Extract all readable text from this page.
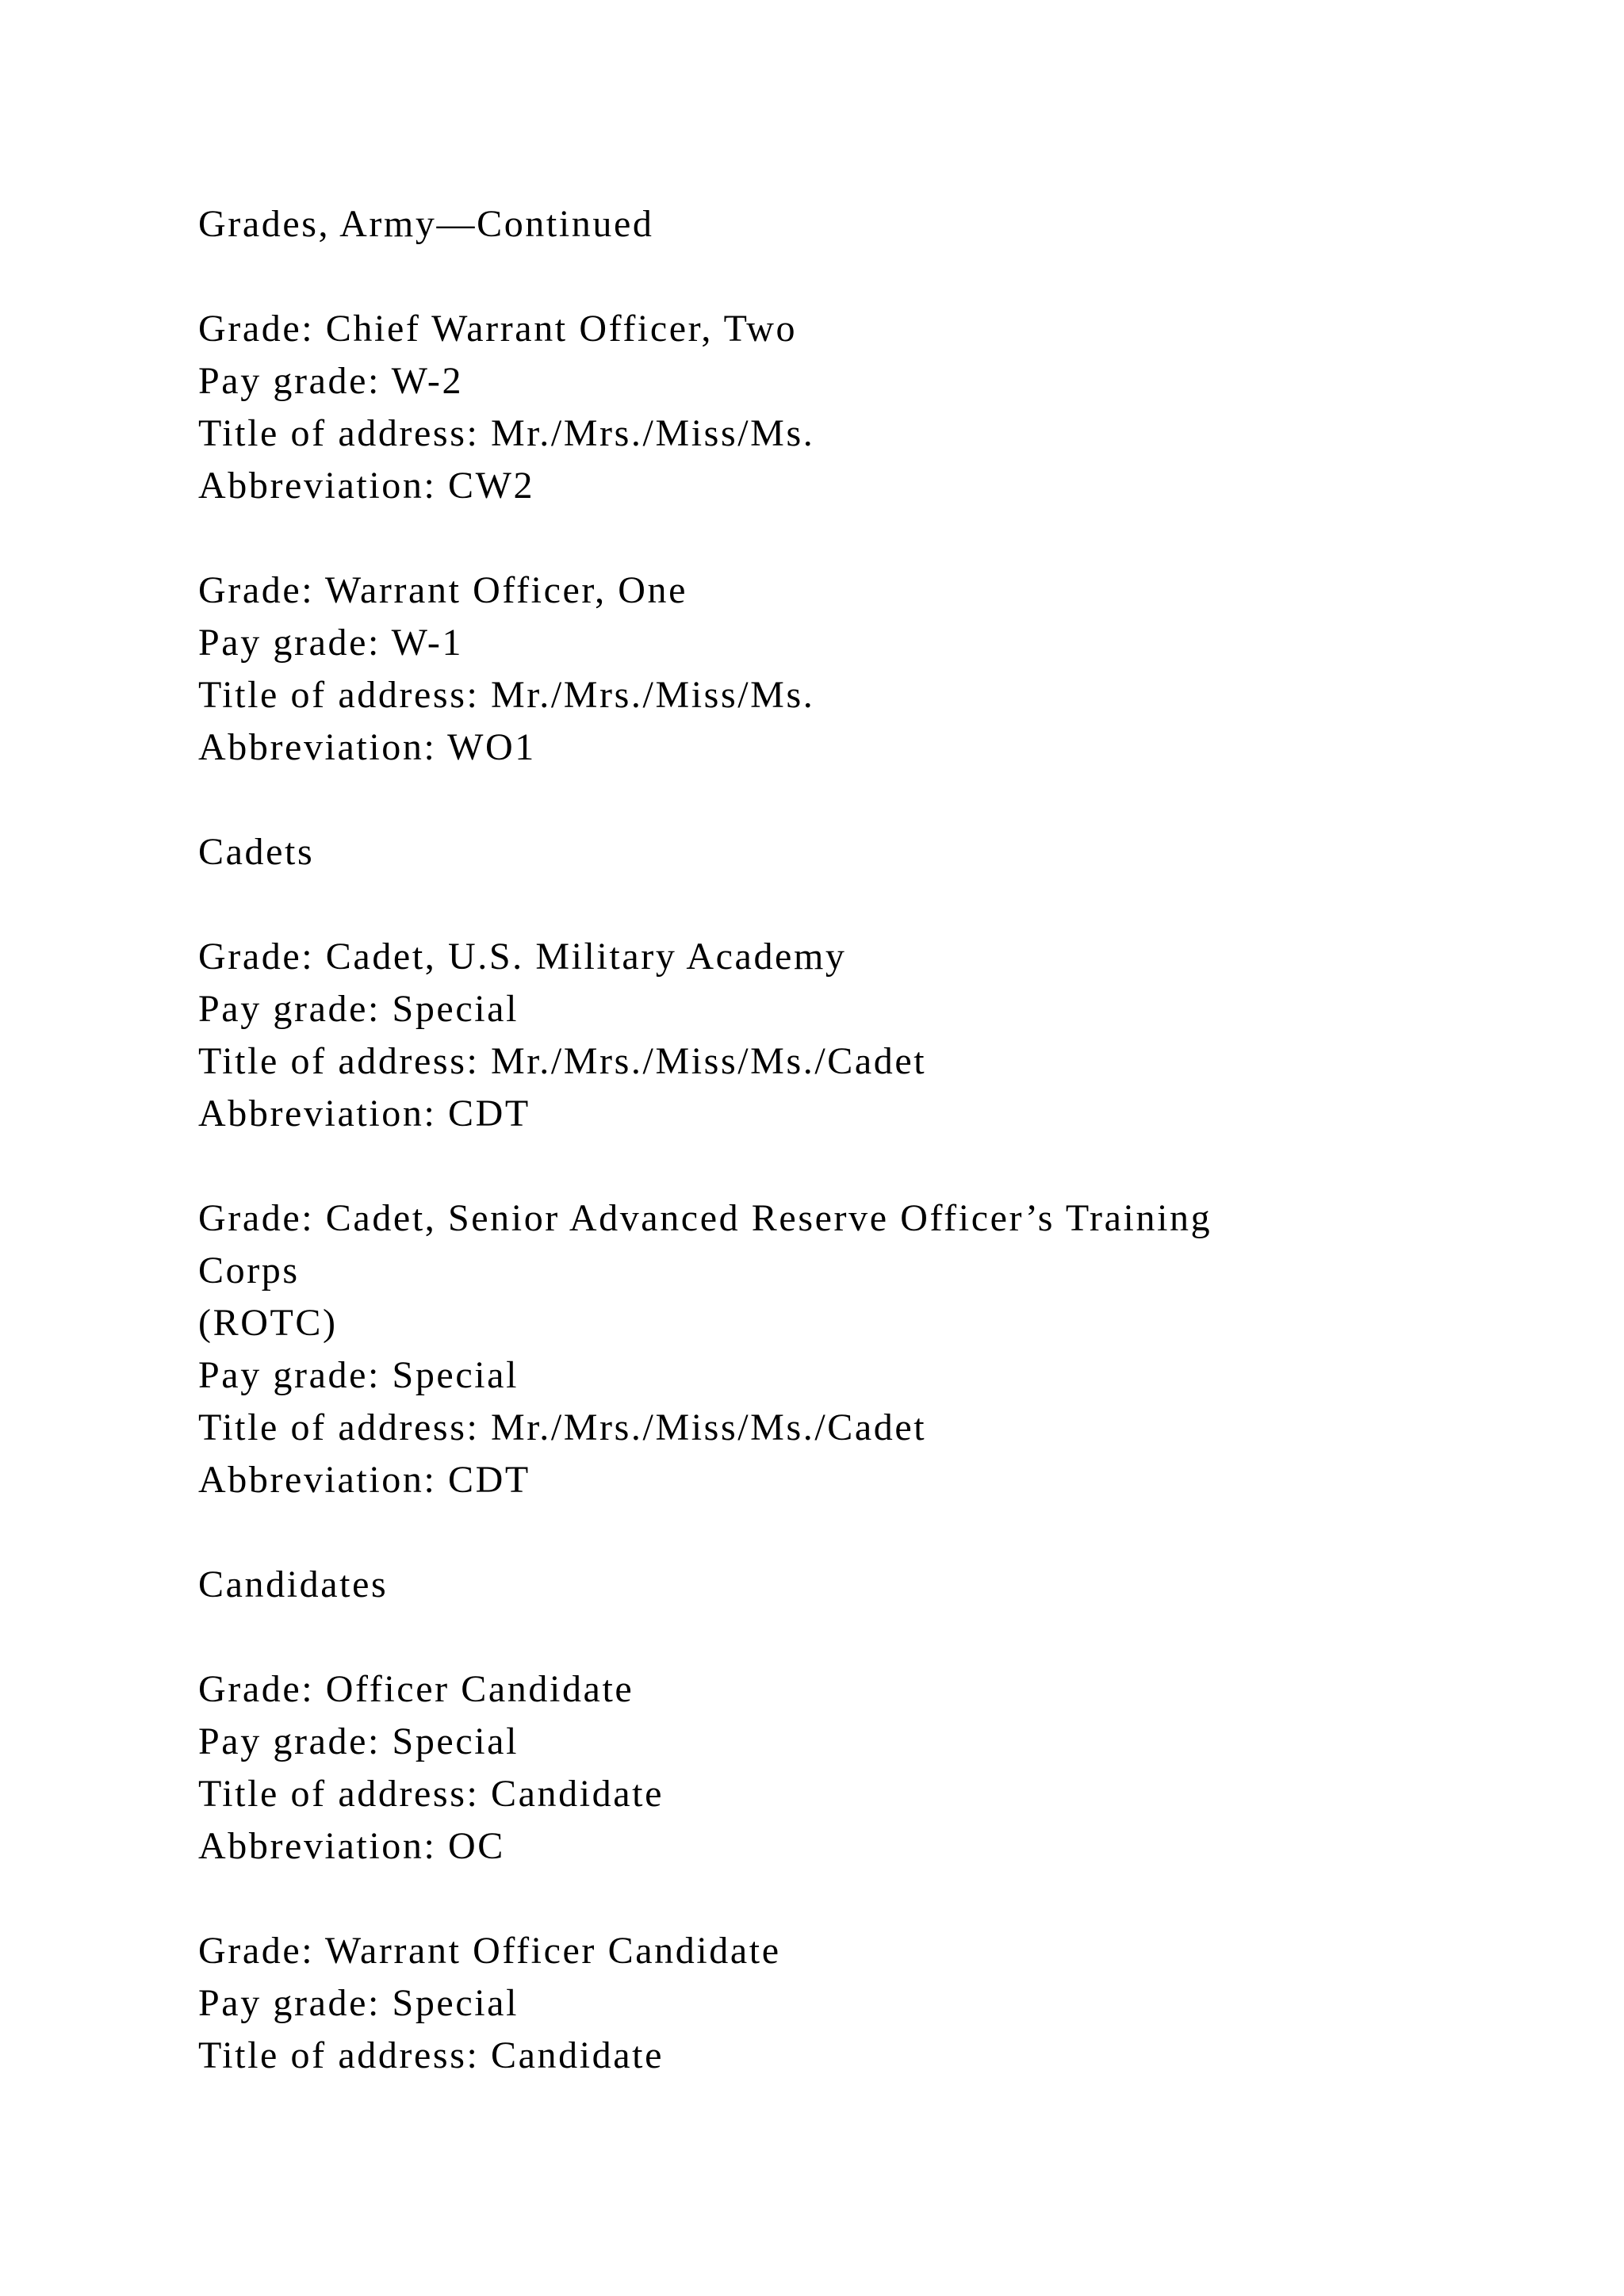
Grades, Army—Continued
Grade: Chief Warrant Officer, Two
Pay grade: W-2
Title of address: Mr./Mrs./Miss/Ms.
Abbreviation: CW2
Grade: Warrant Officer, One
Pay grade: W-1
Title of address: Mr./Mrs./Miss/Ms.
Abbreviation: WO1
Cadets
Grade: Cadet, U.S. Military Academy
Pay grade: Special
Title of address: Mr./Mrs./Miss/Ms./Cadet
Abbreviation: CDT
Grade: Cadet, Senior Advanced Reserve Officer’s Training
Corps
(ROTC)
Pay grade: Special
Title of address: Mr./Mrs./Miss/Ms./Cadet
Abbreviation: CDT
Candidates
Grade: Officer Candidate
Pay grade: Special
Title of address: Candidate
Abbreviation: OC
Grade: Warrant Officer Candidate
Pay grade: Special
Title of address: Candidate
